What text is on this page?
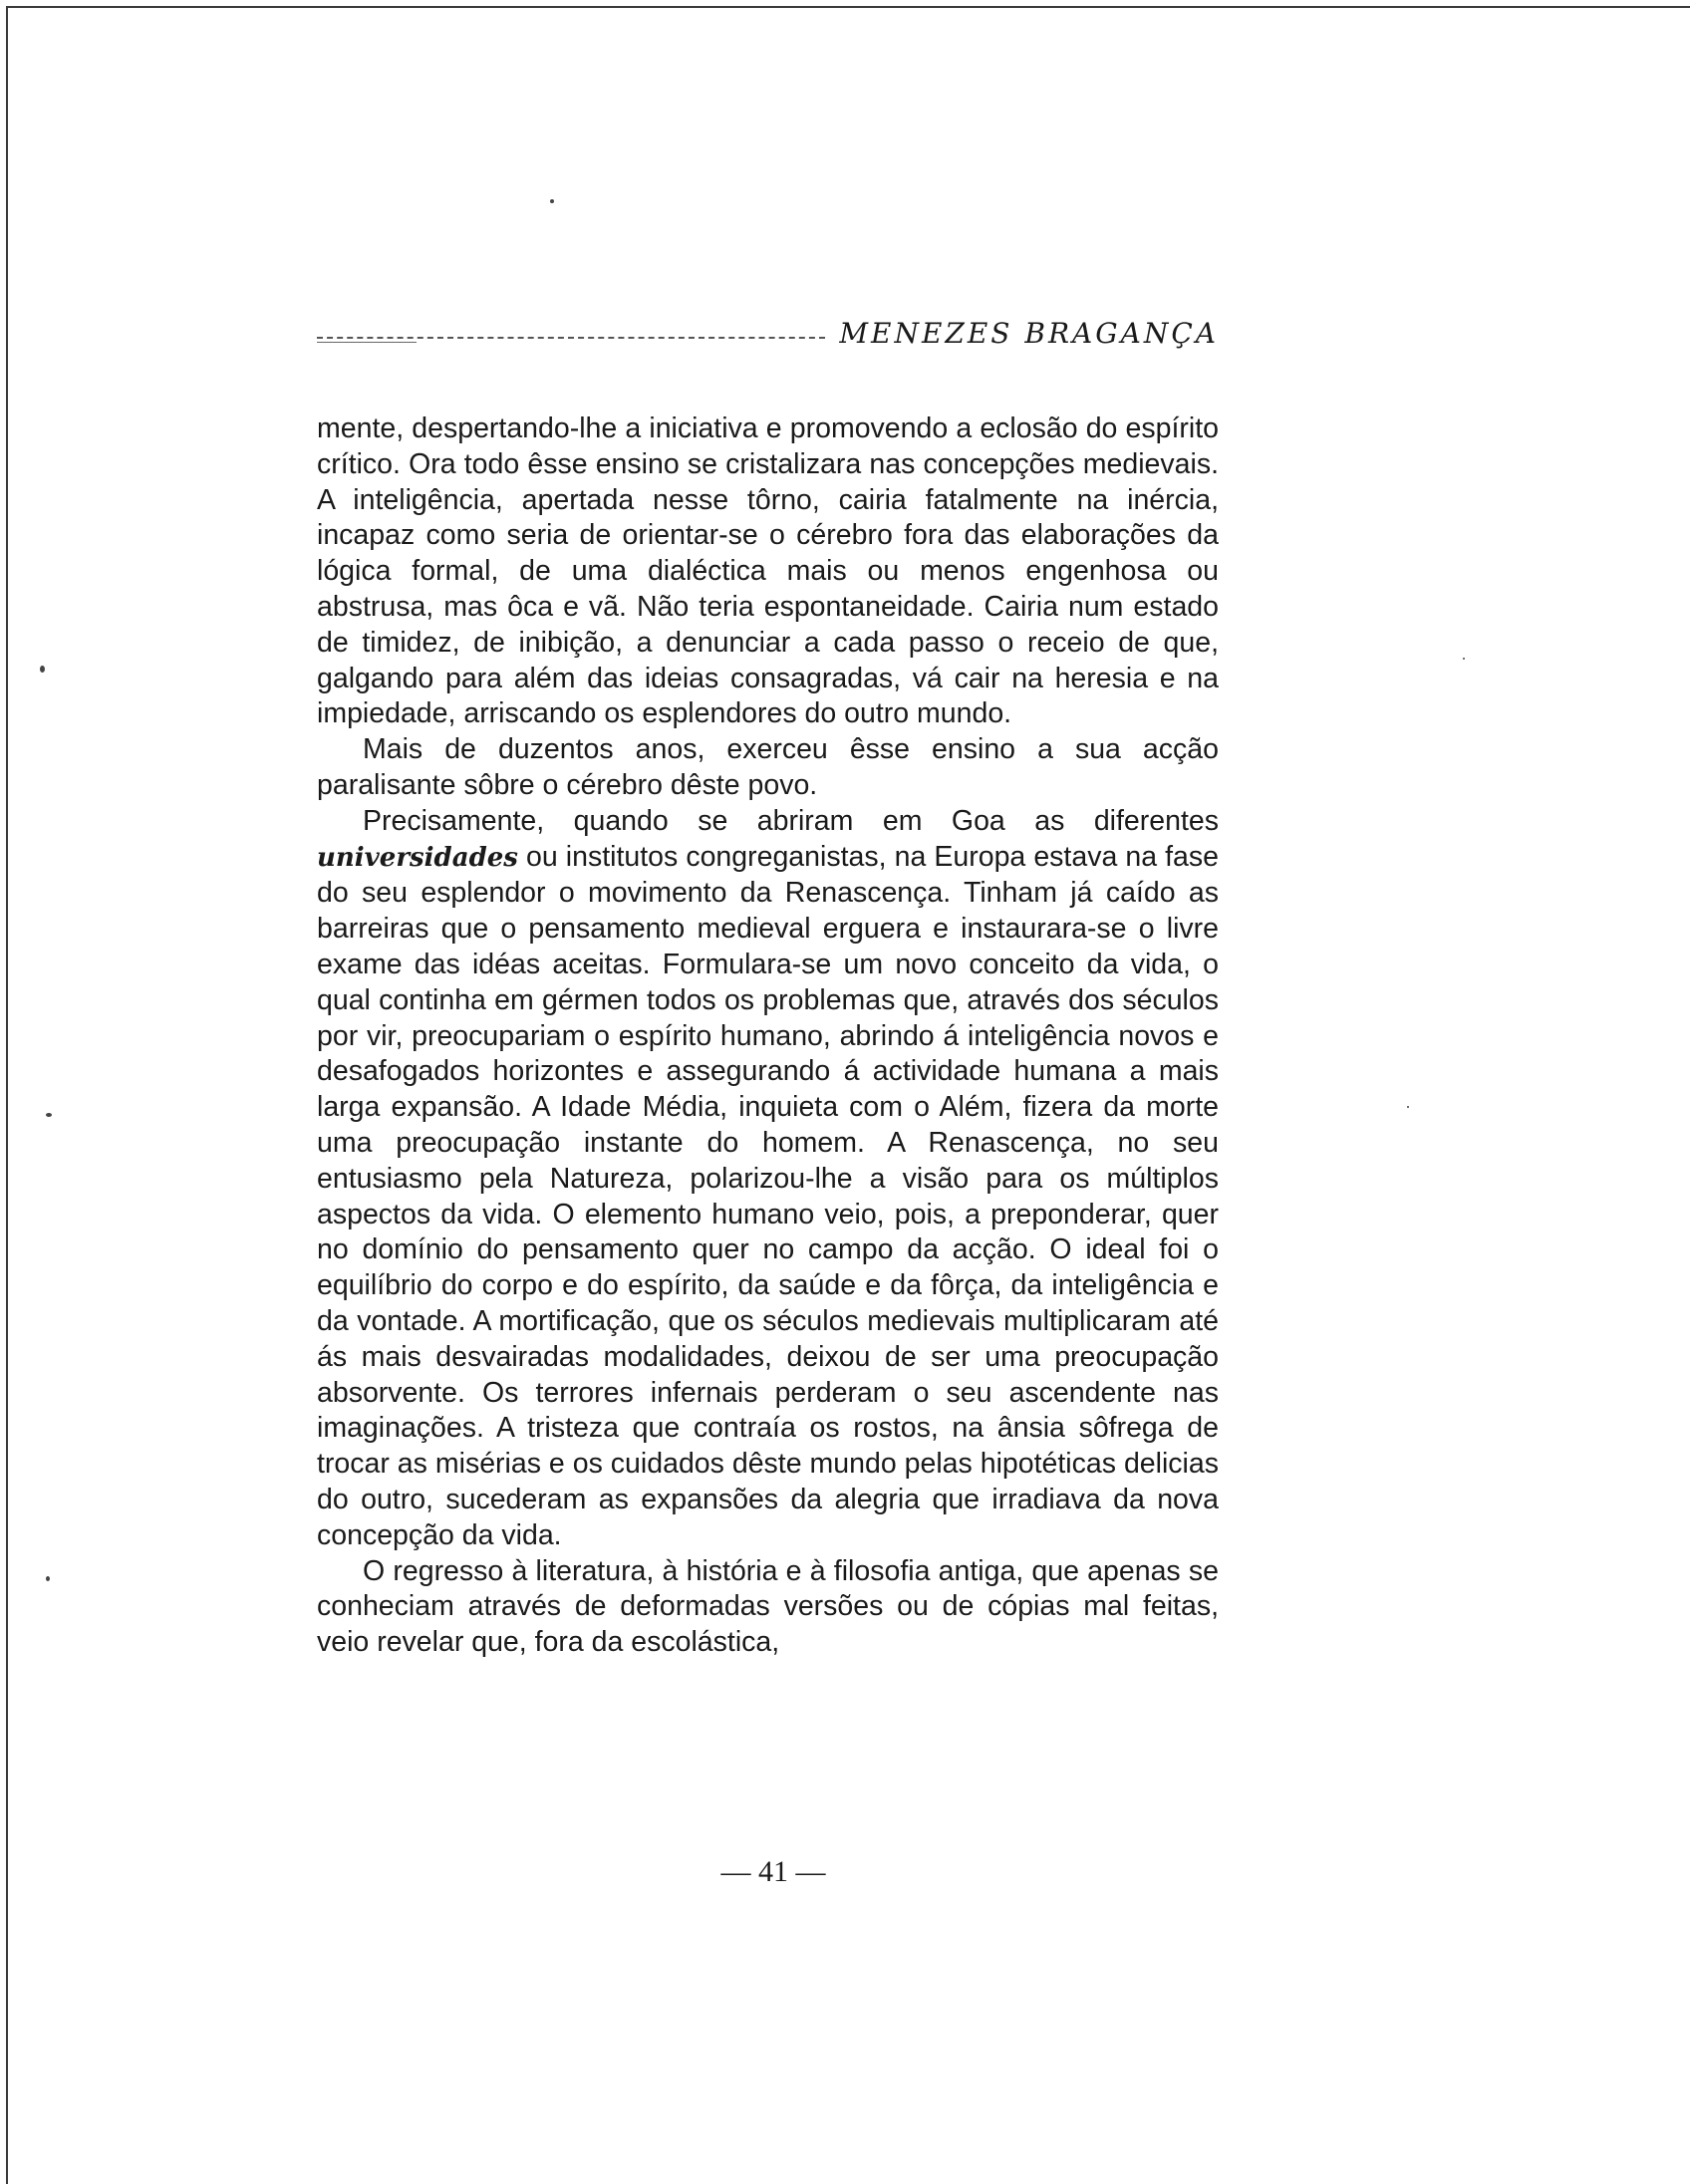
MENEZES BRAGANÇA

mente, despertando-lhe a iniciativa e promovendo a eclosão do espírito crítico. Ora todo êsse ensino se cristalizara nas concepções medievais. A inteligência, apertada nesse tôrno, cairia fatalmente na inércia, incapaz como seria de orientar-se o cérebro fora das elaborações da lógica formal, de uma dialéctica mais ou menos engenhosa ou abstrusa, mas ôca e vã. Não teria espontaneidade. Cairia num estado de timidez, de inibição, a denunciar a cada passo o receio de que, galgando para além das ideias consagradas, vá cair na heresia e na impiedade, arriscando os esplendores do outro mundo.

Mais de duzentos anos, exerceu êsse ensino a sua acção paralisante sôbre o cérebro dêste povo.

Precisamente, quando se abriram em Goa as diferentes universidades ou institutos congreganistas, na Europa estava na fase do seu esplendor o movimento da Renascença. Tinham já caído as barreiras que o pensamento medieval erguera e instaurara-se o livre exame das idéas aceitas. Formulara-se um novo conceito da vida, o qual continha em gérmen todos os problemas que, através dos séculos por vir, preocupariam o espírito humano, abrindo á inteligência novos e desafogados horizontes e assegurando á actividade humana a mais larga expansão. A Idade Média, inquieta com o Além, fizera da morte uma preocupação instante do homem. A Renascença, no seu entusiasmo pela Natureza, polarizou-lhe a visão para os múltiplos aspectos da vida. O elemento humano veio, pois, a preponderar, quer no domínio do pensamento quer no campo da acção. O ideal foi o equilíbrio do corpo e do espírito, da saúde e da fôrça, da inteligência e da vontade. A mortificação, que os séculos medievais multiplicaram até ás mais desvairadas modalidades, deixou de ser uma preocupação absorvente. Os terrores infernais perderam o seu ascendente nas imaginações. A tristeza que contraía os rostos, na ânsia sôfrega de trocar as misérias e os cuidados dêste mundo pelas hipotéticas delicias do outro, sucederam as expansões da alegria que irradiava da nova concepção da vida.

O regresso à literatura, à história e à filosofia antiga, que apenas se conheciam através de deformadas versões ou de cópias mal feitas, veio revelar que, fora da escolástica,

— 41 —
